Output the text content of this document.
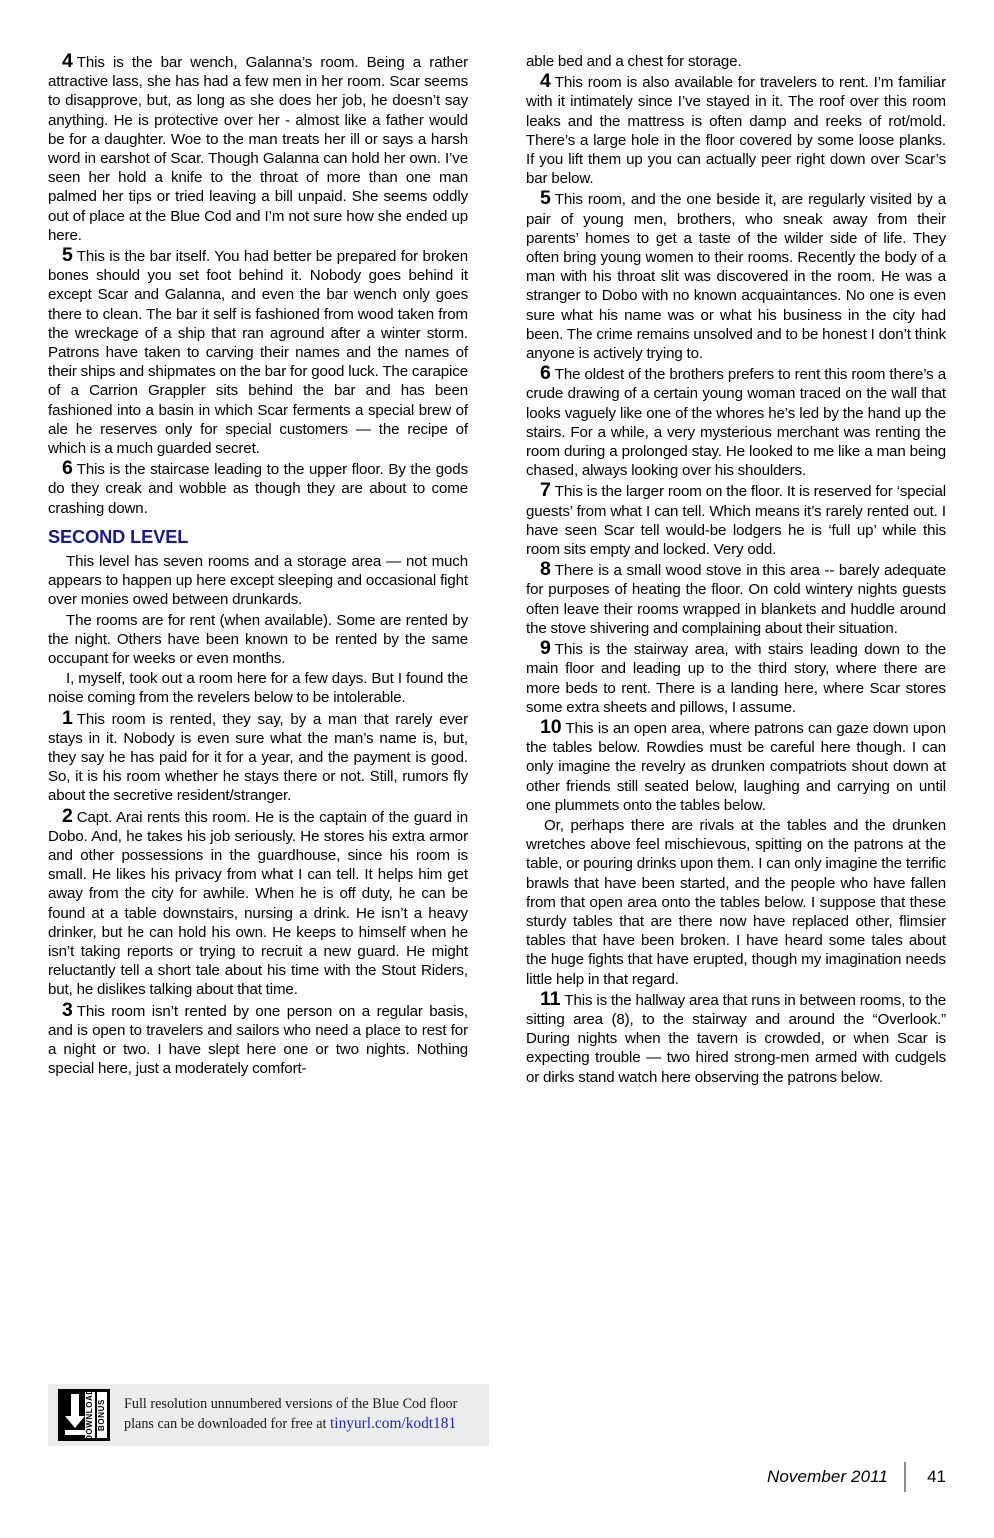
4 This is the bar wench, Galanna’s room. Being a rather attractive lass, she has had a few men in her room. Scar seems to disapprove, but, as long as she does her job, he doesn’t say anything. He is protective over her - almost like a father would be for a daughter. Woe to the man treats her ill or says a harsh word in earshot of Scar. Though Galanna can hold her own. I’ve seen her hold a knife to the throat of more than one man palmed her tips or tried leaving a bill unpaid. She seems oddly out of place at the Blue Cod and I’m not sure how she ended up here.

5 This is the bar itself. You had better be prepared for broken bones should you set foot behind it. Nobody goes behind it except Scar and Galanna, and even the bar wench only goes there to clean. The bar it self is fashioned from wood taken from the wreckage of a ship that ran aground after a winter storm. Patrons have taken to carving their names and the names of their ships and shipmates on the bar for good luck. The carapice of a Carrion Grappler sits behind the bar and has been fashioned into a basin in which Scar ferments a special brew of ale he reserves only for special customers — the recipe of which is a much guarded secret.

6 This is the staircase leading to the upper floor. By the gods do they creak and wobble as though they are about to come crashing down.

SECOND LEVEL

This level has seven rooms and a storage area — not much appears to happen up here except sleeping and occasional fight over monies owed between drunkards.

The rooms are for rent (when available). Some are rented by the night. Others have been known to be rented by the same occupant for weeks or even months.

I, myself, took out a room here for a few days. But I found the noise coming from the revelers below to be intolerable.

1 This room is rented, they say, by a man that rarely ever stays in it. Nobody is even sure what the man’s name is, but, they say he has paid for it for a year, and the payment is good. So, it is his room whether he stays there or not. Still, rumors fly about the secretive resident/stranger.

2 Capt. Arai rents this room. He is the captain of the guard in Dobo. And, he takes his job seriously. He stores his extra armor and other possessions in the guardhouse, since his room is small. He likes his privacy from what I can tell. It helps him get away from the city for awhile. When he is off duty, he can be found at a table downstairs, nursing a drink. He isn’t a heavy drinker, but he can hold his own. He keeps to himself when he isn’t taking reports or trying to recruit a new guard. He might reluctantly tell a short tale about his time with the Stout Riders, but, he dislikes talking about that time.

3 This room isn’t rented by one person on a regular basis, and is open to travelers and sailors who need a place to rest for a night or two. I have slept here one or two nights. Nothing special here, just a moderately comfort-

DOWNLOAD BONUS Full resolution unnumbered versions of the Blue Cod floor
plans can be downloaded for free at tinyurl.com/kodt181

able bed and a chest for storage.

4 This room is also available for travelers to rent. I’m familiar with it intimately since I’ve stayed in it. The roof over this room leaks and the mattress is often damp and reeks of rot/mold. There’s a large hole in the floor covered by some loose planks. If you lift them up you can actually peer right down over Scar’s bar below.

5 This room, and the one beside it, are regularly visited by a pair of young men, brothers, who sneak away from their parents’ homes to get a taste of the wilder side of life. They often bring young women to their rooms. Recently the body of a man with his throat slit was discovered in the room. He was a stranger to Dobo with no known acquaintances. No one is even sure what his name was or what his business in the city had been. The crime remains unsolved and to be honest I don’t think anyone is actively trying to.

6 The oldest of the brothers prefers to rent this room there’s a crude drawing of a certain young woman traced on the wall that looks vaguely like one of the whores he’s led by the hand up the stairs. For a while, a very mysterious merchant was renting the room during a prolonged stay. He looked to me like a man being chased, always looking over his shoulders.

7 This is the larger room on the floor. It is reserved for ‘special guests’ from what I can tell. Which means it’s rarely rented out. I have seen Scar tell would-be lodgers he is ‘full up’ while this room sits empty and locked. Very odd.

8 There is a small wood stove in this area -- barely adequate for purposes of heating the floor. On cold wintery nights guests often leave their rooms wrapped in blankets and huddle around the stove shivering and complaining about their situation.

9 This is the stairway area, with stairs leading down to the main floor and leading up to the third story, where there are more beds to rent. There is a landing here, where Scar stores some extra sheets and pillows, I assume.

10 This is an open area, where patrons can gaze down upon the tables below. Rowdies must be careful here though. I can only imagine the revelry as drunken compatriots shout down at other friends still seated below, laughing and carrying on until one plummets onto the tables below.

Or, perhaps there are rivals at the tables and the drunken wretches above feel mischievous, spitting on the patrons at the table, or pouring drinks upon them. I can only imagine the terrific brawls that have been started, and the people who have fallen from that open area onto the tables below. I suppose that these sturdy tables that are there now have replaced other, flimsier tables that have been broken. I have heard some tales about the huge fights that have erupted, though my imagination needs little help in that regard.

11 This is the hallway area that runs in between rooms, to the sitting area (8), to the stairway and around the “Overlook.” During nights when the tavern is crowded, or when Scar is expecting trouble — two hired strong-men armed with cudgels or dirks stand watch here observing the patrons below.

November 2011	41
